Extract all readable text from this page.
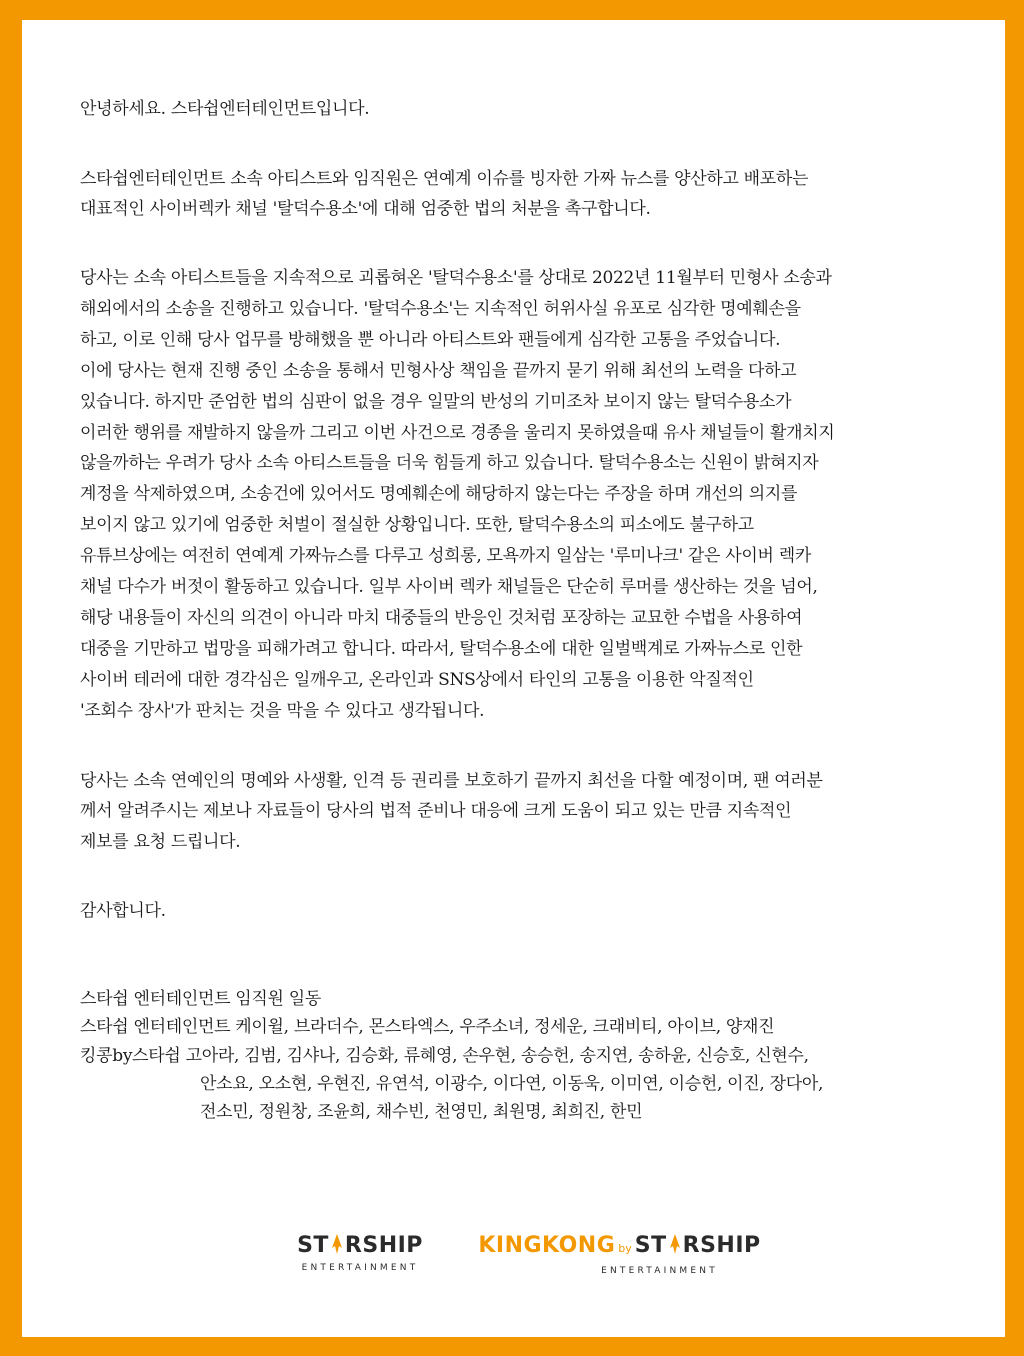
안녕하세요. 스타쉽엔터테인먼트입니다.

스타쉽엔터테인먼트 소속 아티스트와 임직원은 연예계 이슈를 빙자한 가짜 뉴스를 양산하고 배포하는

대표적인 사이버렉카 채널 '탈덕수용소'에 대해 엄중한 법의 처분을 촉구합니다.

당사는 소속 아티스트들을 지속적으로 괴롭혀온 '탈덕수용소'를 상대로 2022년 11월부터 민형사 소송과

해외에서의 소송을 진행하고 있습니다. '탈덕수용소'는 지속적인 허위사실 유포로 심각한 명예훼손을

하고, 이로 인해 당사 업무를 방해했을 뿐 아니라 아티스트와 팬들에게 심각한 고통을 주었습니다.

이에 당사는 현재 진행 중인 소송을 통해서 민형사상 책임을 끝까지 묻기 위해 최선의 노력을 다하고

있습니다. 하지만 준엄한 법의 심판이 없을 경우 일말의 반성의 기미조차 보이지 않는 탈덕수용소가

이러한 행위를 재발하지 않을까 그리고 이번 사건으로 경종을 울리지 못하였을때 유사 채널들이 활개치지

않을까하는 우려가 당사 소속 아티스트들을 더욱 힘들게 하고 있습니다. 탈덕수용소는 신원이 밝혀지자

계정을 삭제하였으며, 소송건에 있어서도 명예훼손에 해당하지 않는다는 주장을 하며 개선의 의지를

보이지 않고 있기에 엄중한 처벌이 절실한 상황입니다. 또한, 탈덕수용소의 피소에도 불구하고

유튜브상에는 여전히 연예계 가짜뉴스를 다루고 성희롱, 모욕까지 일삼는 '루미나크' 같은 사이버 렉카

채널 다수가 버젓이 활동하고 있습니다. 일부 사이버 렉카 채널들은 단순히 루머를 생산하는 것을 넘어,

해당 내용들이 자신의 의견이 아니라 마치 대중들의 반응인 것처럼 포장하는 교묘한 수법을 사용하여

대중을 기만하고 법망을 피해가려고 합니다. 따라서, 탈덕수용소에 대한 일벌백계로 가짜뉴스로 인한

사이버 테러에 대한 경각심은 일깨우고, 온라인과 SNS상에서 타인의 고통을 이용한 악질적인

'조회수 장사'가 판치는 것을 막을 수 있다고 생각됩니다.

당사는 소속 연예인의 명예와 사생활, 인격 등 권리를 보호하기 끝까지 최선을 다할 예정이며, 팬 여러분

께서 알려주시는 제보나 자료들이 당사의 법적 준비나 대응에 크게 도움이 되고 있는 만큼 지속적인

제보를 요청 드립니다.

감사합니다.

스타쉽 엔터테인먼트 임직원 일동

스타쉽 엔터테인먼트 케이윌, 브라더수, 몬스타엑스, 우주소녀, 정세운, 크래비티, 아이브, 양재진

킹콩by스타쉽 고아라, 김범, 김샤나, 김승화, 류혜영, 손우현, 송승헌, 송지연, 송하윤, 신승호, 신현수,

안소요, 오소현, 우현진, 유연석, 이광수, 이다연, 이동욱, 이미연, 이승헌, 이진, 장다아,

전소민, 정원창, 조윤희, 채수빈, 천영민, 최원명, 최희진, 한민

ST RSHIP
ENTERTAINMENT
KINGKONG by ST RSHIP
ENTERTAINMENT
